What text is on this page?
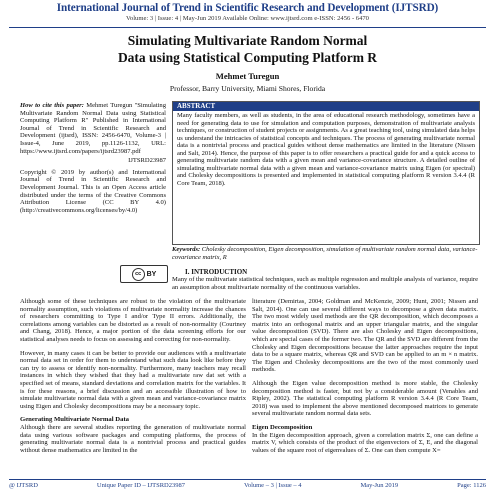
International Journal of Trend in Scientific Research and Development (IJTSRD)
Volume: 3 | Issue: 4 | May-Jun 2019 Available Online: www.ijtsrd.com e-ISSN: 2456 - 6470
Simulating Multivariate Random Normal
Data using Statistical Computing Platform R
Mehmet Turegun
Professor, Barry University, Miami Shores, Florida

How to cite this paper: Mehmet Turegun "Simulating Multivariate Random Normal Data using Statistical Computing Platform R" Published in International Journal of Trend in Scientific Research and Development (ijtsrd), ISSN: 2456-6470, Volume-3 | Issue-4, June 2019, pp.1126-1132, URL: https://www.ijtsrd.com/papers/ijtsrd23987.pdf

IJTSRD23987

Copyright © 2019 by author(s) and International Journal of Trend in Scientific Research and Development Journal. This is an Open Access article distributed under the terms of the Creative Commons Attribution License (CC BY 4.0) (http://creativecommons.org/licenses/by/4.0)

cc BY
ABSTRACT
Many faculty members, as well as students, in the area of educational research methodology, sometimes have a need for generating data to use for simulation and computation purposes, demonstration of multivariate analysis techniques, or construction of student projects or assignments. As a great teaching tool, using simulated data helps us understand the intricacies of statistical concepts and techniques. The process of generating multivariate normal data is a nontrivial process and practical guides without dense mathematics are limited in the literature (Nissen and Salt, 2014). Hence, the purpose of this paper is to offer researchers a practical guide for and a quick access to generating multivariate random data with a given mean and variance-covariance structure. A detailed outline of simulating multivariate normal data with a given mean and variance-covariance matrix using Eigen (or spectral) and Cholesky decompositions is presented and implemented in statistical computing platform R version 3.4.4 (R Core Team, 2018).
Keywords: Cholesky decomposition, Eigen decomposition, simulation of multivariate random normal data, variance-covariance matrix, R
I. INTRODUCTION

Many of the multivariate statistical techniques, such as multiple regression and multiple analysis of variance, require an assumption about multivariate normality of the continuous variables.

Although some of these techniques are robust to the violation of the multivariate normality assumption, such violations of multivariate normality increase the chances of researchers committing to Type I and/or Type II errors. Additionally, the correlations among variables can be distorted as a result of non-normality (Courtney and Chang, 2018). Hence, a major portion of the data screening efforts for our statistical analyses needs to focus on assessing and correcting for non-normality.

However, in many cases it can be better to provide our audiences with a multivariate normal data set in order for them to understand what such data look like before they can try to assess or identify non-normality. Furthermore, many teachers may recall instances in which they wished that they had a multivariate raw dat set with a specified set of means, standard deviations and correlation matrix for the variables. It is for these reasons, a brief discussion and an accessible illustration of how to simulate multivariate normal data with a given mean and variance-covariance matrix using Eigen and Cholesky decompositions may be a necessary topic.

Generating Multivariate Normal Data

Although there are several studies reporting the generation of multivariate normal data using various software packages and computing platforms, the process of generating multivariate normal data is a nontrivial process and practical guides without dense mathematics are limited in the

literature (Demirtas, 2004; Goldman and McKenzie, 2009; Hunt, 2001; Nissen and Salt, 2014). One can use several different ways to decompose a given data matrix. The two most widely used methods are the QR decomposition, which decomposes a matrix into an orthogonal matrix and an upper triangular matrix, and the singular value decomposition (SVD). There are also Cholesky and Eigen decompositions, which are special cases of the former two. The QR and the SVD are different from the Cholesky and Eigen decompositions because the latter approaches require the input data to be a square matrix, whereas QR and SVD can be applied to an m × n matrix. The Eigen and Cholesky decompositions are the two of the most commonly used methods.

Although the Eigen value decomposition method is more stable, the Cholesky decomposition method is faster, but not by a considerable amount (Venables and Ripley, 2002). The statistical computing platform R version 3.4.4 (R Core Team, 2018) was used to implement the above mentioned decomposed matrices to generate several multivariate random normal data sets.

Eigen Decomposition

In the Eigen decomposition approach, given a correlation matrix Σ, one can define a matrix V, which consists of the product of the eigenvectors of Σ, E, and the diagonal values of the square root of eigenvalues of Σ. One can then compute X=

@ IJTSRD	Unique Paper ID – IJTSRD23987	Volume – 3 | Issue – 4	May-Jun 2019	Page: 1126
